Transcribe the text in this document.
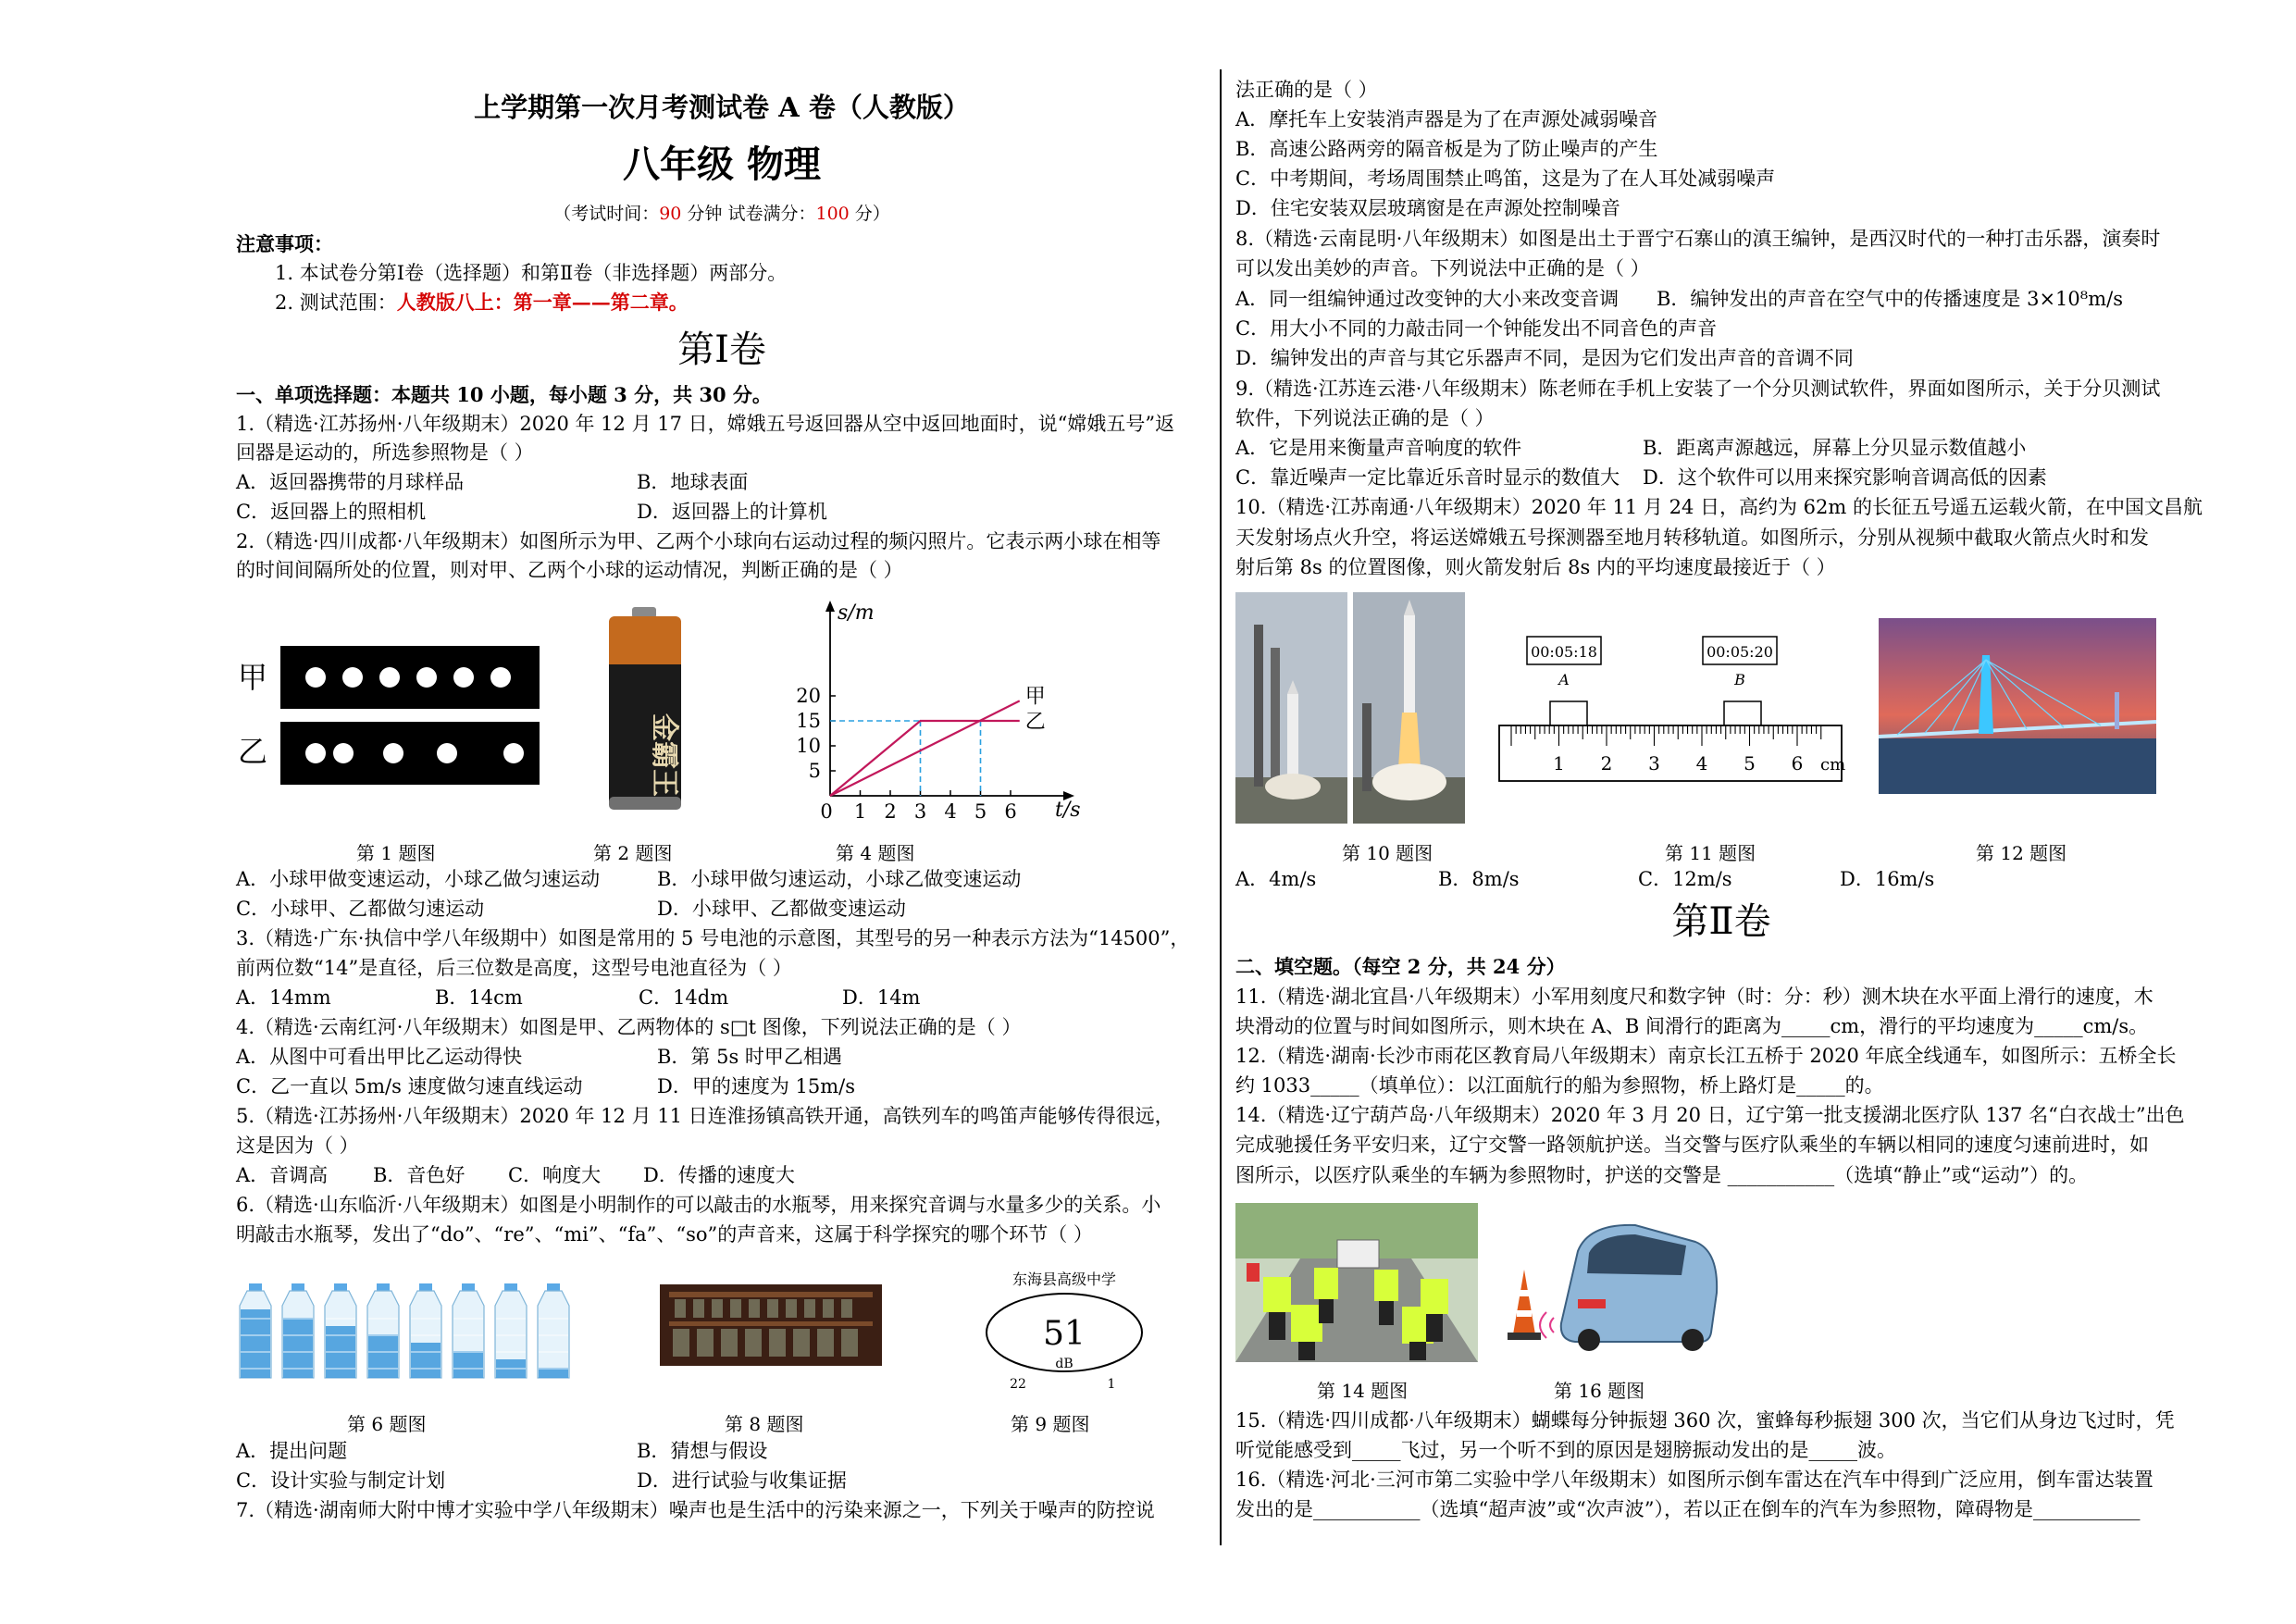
上学期第一次月考测试卷 A 卷（人教版）
八年级 物理
（考试时间：90 分钟 试卷满分：100 分）
注意事项：
1. 本试卷分第Ⅰ卷（选择题）和第Ⅱ卷（非选择题）两部分。
2. 测试范围：人教版八上：第一章——第二章。
第Ⅰ卷
一、单项选择题：本题共 10 小题，每小题 3 分，共 30 分。
1.（精选·江苏扬州·八年级期末）2020 年 12 月 17 日，嫦娥五号返回器从空中返回地面时，说“嫦娥五号”返
回器是运动的，所选参照物是（ ）
A．返回器携带的月球样品	B．地球表面
C．返回器上的照相机	D．返回器上的计算机
2.（精选·四川成都·八年级期末）如图所示为甲、乙两个小球向右运动过程的频闪照片。它表示两小球在相等
的时间间隔所处的位置，则对甲、乙两个小球的运动情况，判断正确的是（ ）
甲
乙	金霸王
s/m
t/s
20
15
10
5
0 1 2 3 4 5 6
甲
乙
第 1 题图	第 2 题图	第 4 题图
A．小球甲做变速运动，小球乙做匀速运动	B．小球甲做匀速运动，小球乙做变速运动
C．小球甲、乙都做匀速运动	D．小球甲、乙都做变速运动
3.（精选·广东·执信中学八年级期中）如图是常用的 5 号电池的示意图，其型号的另一种表示方法为“14500”，
前两位数“14”是直径，后三位数是高度，这型号电池直径为（ ）
A．14mm	B．14cm	C．14dm	D．14m
4.（精选·云南红河·八年级期末）如图是甲、乙两物体的 s□t 图像，下列说法正确的是（ ）
A．从图中可看出甲比乙运动得快	B．第 5s 时甲乙相遇
C．乙一直以 5m/s 速度做匀速直线运动	D．甲的速度为 15m/s
5.（精选·江苏扬州·八年级期末）2020 年 12 月 11 日连淮扬镇高铁开通，高铁列车的鸣笛声能够传得很远，
这是因为（ ）
A．音调高 B．音色好 C．响度大 D．传播的速度大
6.（精选·山东临沂·八年级期末）如图是小明制作的可以敲击的水瓶琴，用来探究音调与水量多少的关系。小
明敲击水瓶琴，发出了“do”、“re”、“mi”、“fa”、“so”的声音来，这属于科学探究的哪个环节（ ）
东海县高级中学
51
dB
22	1
第 6 题图	第 8 题图	第 9 题图
A．提出问题	B．猜想与假设
C．设计实验与制定计划	D．进行试验与收集证据
7.（精选·湖南师大附中博才实验中学八年级期末）噪声也是生活中的污染来源之一，下列关于噪声的防控说
法正确的是（ ）
A．摩托车上安装消声器是为了在声源处减弱噪音
B．高速公路两旁的隔音板是为了防止噪声的产生
C．中考期间，考场周围禁止鸣笛，这是为了在人耳处减弱噪声
D．住宅安装双层玻璃窗是在声源处控制噪音
8.（精选·云南昆明·八年级期末）如图是出土于晋宁石寨山的滇王编钟，是西汉时代的一种打击乐器，演奏时
可以发出美妙的声音。下列说法中正确的是（ ）
A．同一组编钟通过改变钟的大小来改变音调 B．编钟发出的声音在空气中的传播速度是 3×10⁸m/s
C．用大小不同的力敲击同一个钟能发出不同音色的声音
D．编钟发出的声音与其它乐器声不同，是因为它们发出声音的音调不同
9.（精选·江苏连云港·八年级期末）陈老师在手机上安装了一个分贝测试软件，界面如图所示，关于分贝测试
软件，下列说法正确的是（ ）
A．它是用来衡量声音响度的软件	B．距离声源越远，屏幕上分贝显示数值越小
C．靠近噪声一定比靠近乐音时显示的数值大 D．这个软件可以用来探究影响音调高低的因素
10.（精选·江苏南通·八年级期末）2020 年 11 月 24 日，高约为 62m 的长征五号遥五运载火箭，在中国文昌航
天发射场点火升空，将运送嫦娥五号探测器至地月转移轨道。如图所示，分别从视频中截取火箭点火时和发
射后第 8s 的位置图像，则火箭发射后 8s 内的平均速度最接近于（ ）
00:05:18	00:05:20
A	B
1 2 3 4 5 6 cm
第 10 题图	第 11 题图	第 12 题图
A．4m/s	B．8m/s	C．12m/s	D．16m/s
第Ⅱ卷
二、填空题。（每空 2 分，共 24 分）
11.（精选·湖北宜昌·八年级期末）小军用刻度尺和数字钟（时：分：秒）测木块在水平面上滑行的速度，木
块滑动的位置与时间如图所示，则木块在 A、B 间滑行的距离为_____cm，滑行的平均速度为_____cm/s。
12.（精选·湖南·长沙市雨花区教育局八年级期末）南京长江五桥于 2020 年底全线通车，如图所示：五桥全长
约 1033_____（填单位）：以江面航行的船为参照物，桥上路灯是_____的。
14.（精选·辽宁葫芦岛·八年级期末）2020 年 3 月 20 日，辽宁第一批支援湖北医疗队 137 名“白衣战士”出色
完成驰援任务平安归来，辽宁交警一路领航护送。当交警与医疗队乘坐的车辆以相同的速度匀速前进时，如
图所示，以医疗队乘坐的车辆为参照物时，护送的交警是 ___________（选填“静止”或“运动”）的。
第 14 题图	第 16 题图
15.（精选·四川成都·八年级期末）蝴蝶每分钟振翅 360 次，蜜蜂每秒振翅 300 次，当它们从身边飞过时，凭
听觉能感受到_____飞过，另一个听不到的原因是翅膀振动发出的是_____波。
16.（精选·河北·三河市第二实验中学八年级期末）如图所示倒车雷达在汽车中得到广泛应用，倒车雷达装置
发出的是___________（选填“超声波”或“次声波”），若以正在倒车的汽车为参照物，障碍物是___________
